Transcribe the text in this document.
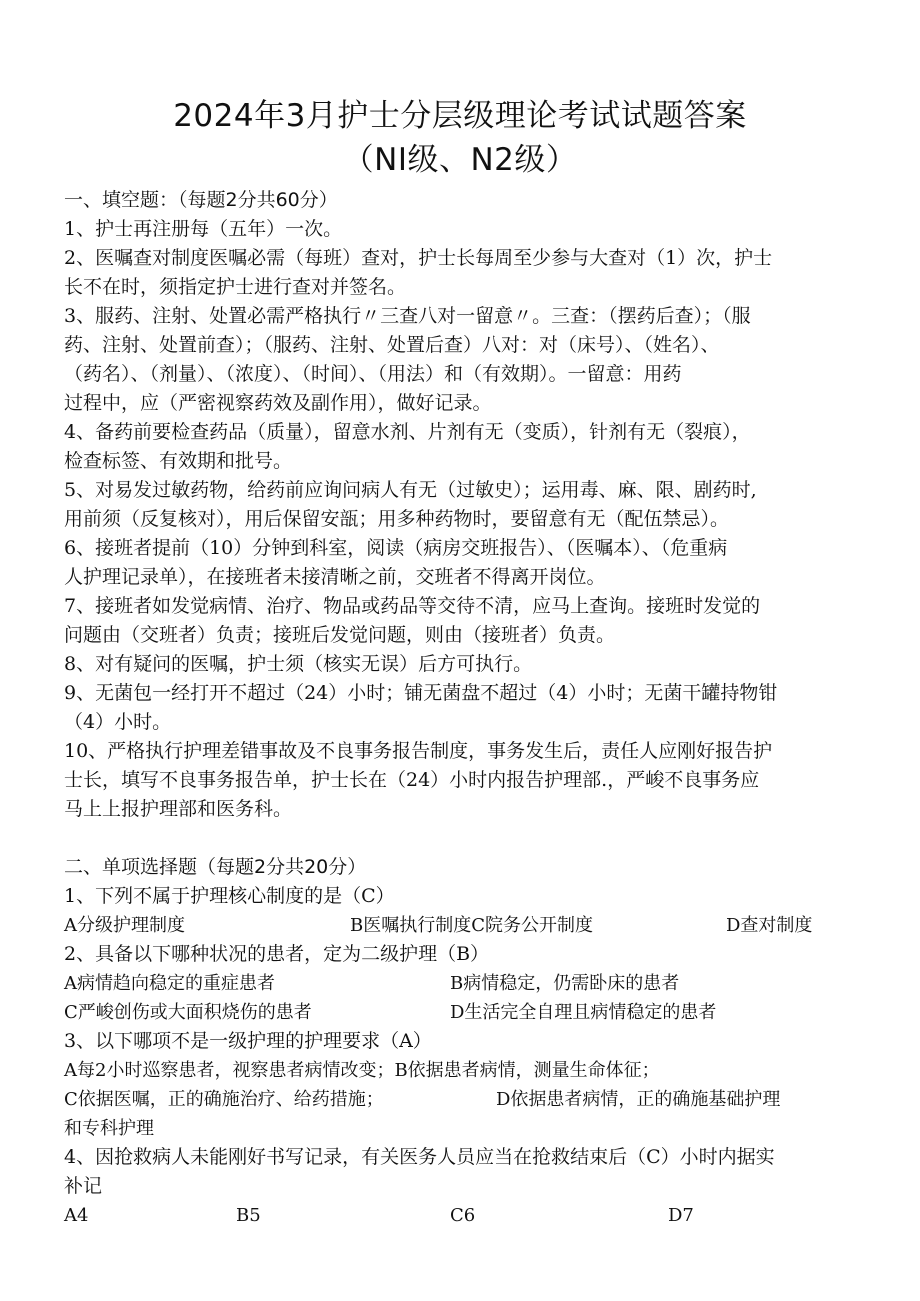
2024年3月护士分层级理论考试试题答案
（NI级、N2级）
一、填空题：（每题2分共60分）
1、护士再注册每（五年）一次。
2、医嘱查对制度医嘱必需（每班）查对，护士长每周至少参与大查对（1）次，护士
长不在时，须指定护士进行查对并签名。
3、服药、注射、处置必需严格执行〃三查八对一留意〃。三查：（摆药后查）；（服
药、注射、处置前查）；（服药、注射、处置后查）八对：对（床号）、（姓名）、
（药名）、（剂量）、（浓度）、（时间）、（用法）和（有效期）。一留意：用药
过程中，应（严密视察药效及副作用），做好记录。
4、备药前要检查药品（质量），留意水剂、片剂有无（变质），针剂有无（裂痕），
检查标签、有效期和批号。
5、对易发过敏药物，给药前应询问病人有无（过敏史）；运用毒、麻、限、剧药时,
用前须（反复核对），用后保留安瓿；用多种药物时，要留意有无（配伍禁忌）。
6、接班者提前（10）分钟到科室，阅读（病房交班报告）、（医嘱本）、（危重病
人护理记录单），在接班者未接清晰之前，交班者不得离开岗位。
7、接班者如发觉病情、治疗、物品或药品等交待不清，应马上查询。接班时发觉的
问题由（交班者）负责；接班后发觉问题，则由（接班者）负责。
8、对有疑问的医嘱，护士须（核实无误）后方可执行。
9、无菌包一经打开不超过（24）小时；铺无菌盘不超过（4）小时；无菌干罐持物钳
（4）小时。
10、严格执行护理差错事故及不良事务报告制度，事务发生后，责任人应刚好报告护
士长，填写不良事务报告单，护士长在（24）小时内报告护理部.，严峻不良事务应
马上上报护理部和医务科。
二、单项选择题（每题2分共20分）
1、下列不属于护理核心制度的是（C）
A分级护理制度	B医嘱执行制度C院务公开制度	D查对制度
2、具备以下哪种状况的患者，定为二级护理（B）
A病情趋向稳定的重症患者	B病情稳定，仍需卧床的患者
C严峻创伤或大面积烧伤的患者	D生活完全自理且病情稳定的患者
3、以下哪项不是一级护理的护理要求（A）
A每2小时巡察患者，视察患者病情改变；B依据患者病情，测量生命体征；
C依据医嘱，正的确施治疗、给药措施；	D依据患者病情，正的确施基础护理
和专科护理
4、因抢救病人未能刚好书写记录，有关医务人员应当在抢救结束后（C）小时内据实
补记
A4	B5	C6	D7
